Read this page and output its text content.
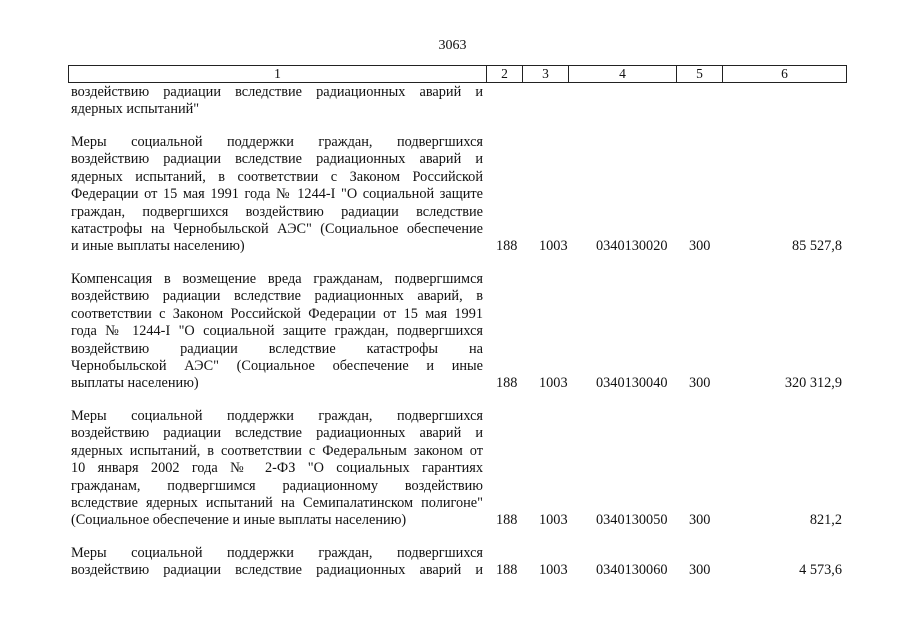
3063
1	2	3	4	5	6
воздействию радиации вследствие радиационных аварий и
ядерных испытаний"
Меры социальной поддержки граждан, подвергшихся
воздействию радиации вследствие радиационных аварий и
ядерных испытаний, в соответствии с Законом Российской
Федерации от 15 мая 1991 года № 1244-I "О социальной защите
граждан, подвергшихся воздействию радиации вследствие
катастрофы на Чернобыльской АЭС" (Социальное обеспечение
и иные выплаты населению)	188 1003 0340130020 300	85 527,8
Компенсация в возмещение вреда гражданам, подвергшимся
воздействию радиации вследствие радиационных аварий, в
соответствии с Законом Российской Федерации от 15 мая 1991
года № 1244-I "О социальной защите граждан, подвергшихся
воздействию радиации вследствие катастрофы на
Чернобыльской АЭС" (Социальное обеспечение и иные
выплаты населению)	188 1003 0340130040 300	320 312,9
Меры социальной поддержки граждан, подвергшихся
воздействию радиации вследствие радиационных аварий и
ядерных испытаний, в соответствии с Федеральным законом от
10 января 2002 года № 2-ФЗ "О социальных гарантиях
гражданам, подвергшимся радиационному воздействию
вследствие ядерных испытаний на Семипалатинском полигоне"
(Социальное обеспечение и иные выплаты населению)	188 1003 0340130050 300	821,2
Меры социальной поддержки граждан, подвергшихся
воздействию радиации вследствие радиационных аварий и 188 1003 0340130060 300	4 573,6
